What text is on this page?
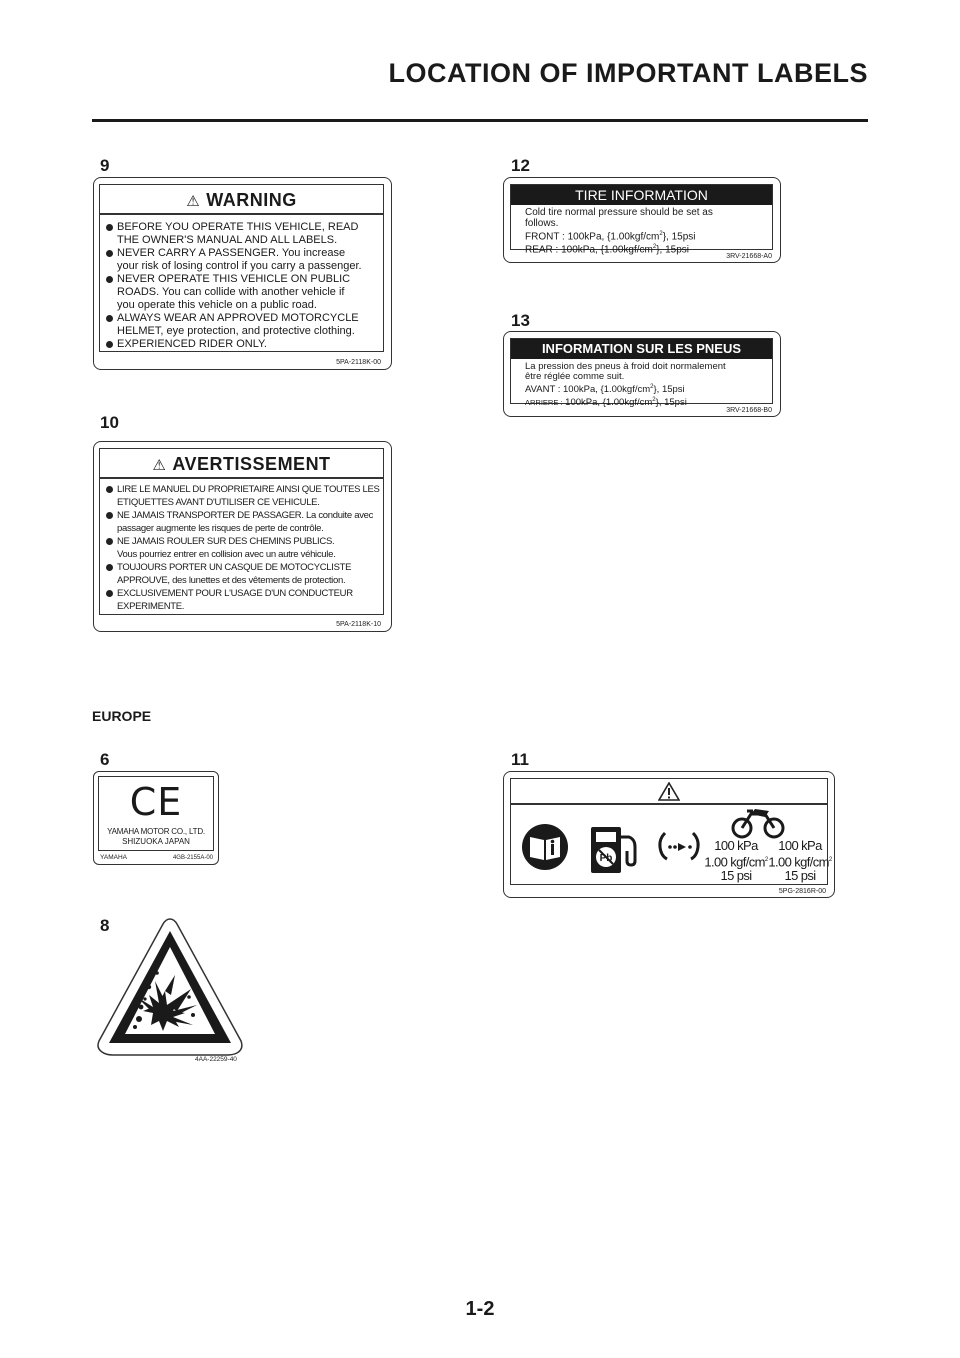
LOCATION OF IMPORTANT LABELS
9
⚠ WARNING
BEFORE YOU OPERATE THIS VEHICLE, READ
THE OWNER'S MANUAL AND ALL LABELS.
NEVER CARRY A PASSENGER. You increase
your risk of losing control if you carry a passenger.
NEVER OPERATE THIS VEHICLE ON PUBLIC
ROADS. You can collide with another vehicle if
you operate this vehicle on a public road.
ALWAYS WEAR AN APPROVED MOTORCYCLE
HELMET, eye protection, and protective clothing.
EXPERIENCED RIDER ONLY.
5PA-2118K-00
10
⚠ AVERTISSEMENT
LIRE LE MANUEL DU PROPRIETAIRE AINSI QUE TOUTES LES
ETIQUETTES AVANT D'UTILISER CE VEHICULE.
NE JAMAIS TRANSPORTER DE PASSAGER. La conduite avec
passager augmente les risques de perte de contrôle.
NE JAMAIS ROULER SUR DES CHEMINS PUBLICS.
Vous pourriez entrer en collision avec un autre véhicule.
TOUJOURS PORTER UN CASQUE DE MOTOCYCLISTE
APPROUVE, des lunettes et des vêtements de protection.
EXCLUSIVEMENT POUR L'USAGE D'UN CONDUCTEUR
EXPERIMENTE.
5PA-2118K-10
12
TIRE INFORMATION
Cold tire normal pressure should be set as
follows.
FRONT : 100kPa, $\{1.00kgf/cm^2\}$, 15psi
REAR : 100kPa, $\{1.00kgf/cm^2\}$, 15psi
3RV-21668-A0
13
INFORMATION SUR LES PNEUS
La pression des pneus à froid doit normalement
être réglée comme suit.
AVANT : 100kPa, $\{1.00kgf/cm^2\}$, 15psi
ARRIERE : 100kPa, $\{1.00kgf/cm^2\}$, 15psi
3RV-21668-B0
EUROPE
6
CE
YAMAHA MOTOR CO., LTD.
SHIZUOKA JAPAN
YAMAHA	4GB-2155A-00
11
Pb
100 kPa
1.00 kgf/$cm^2$
15 psi
100 kPa
1.00 kgf/$cm^2$
15 psi
5PG-2816R-00
8
4AA-22259-40
1-2
